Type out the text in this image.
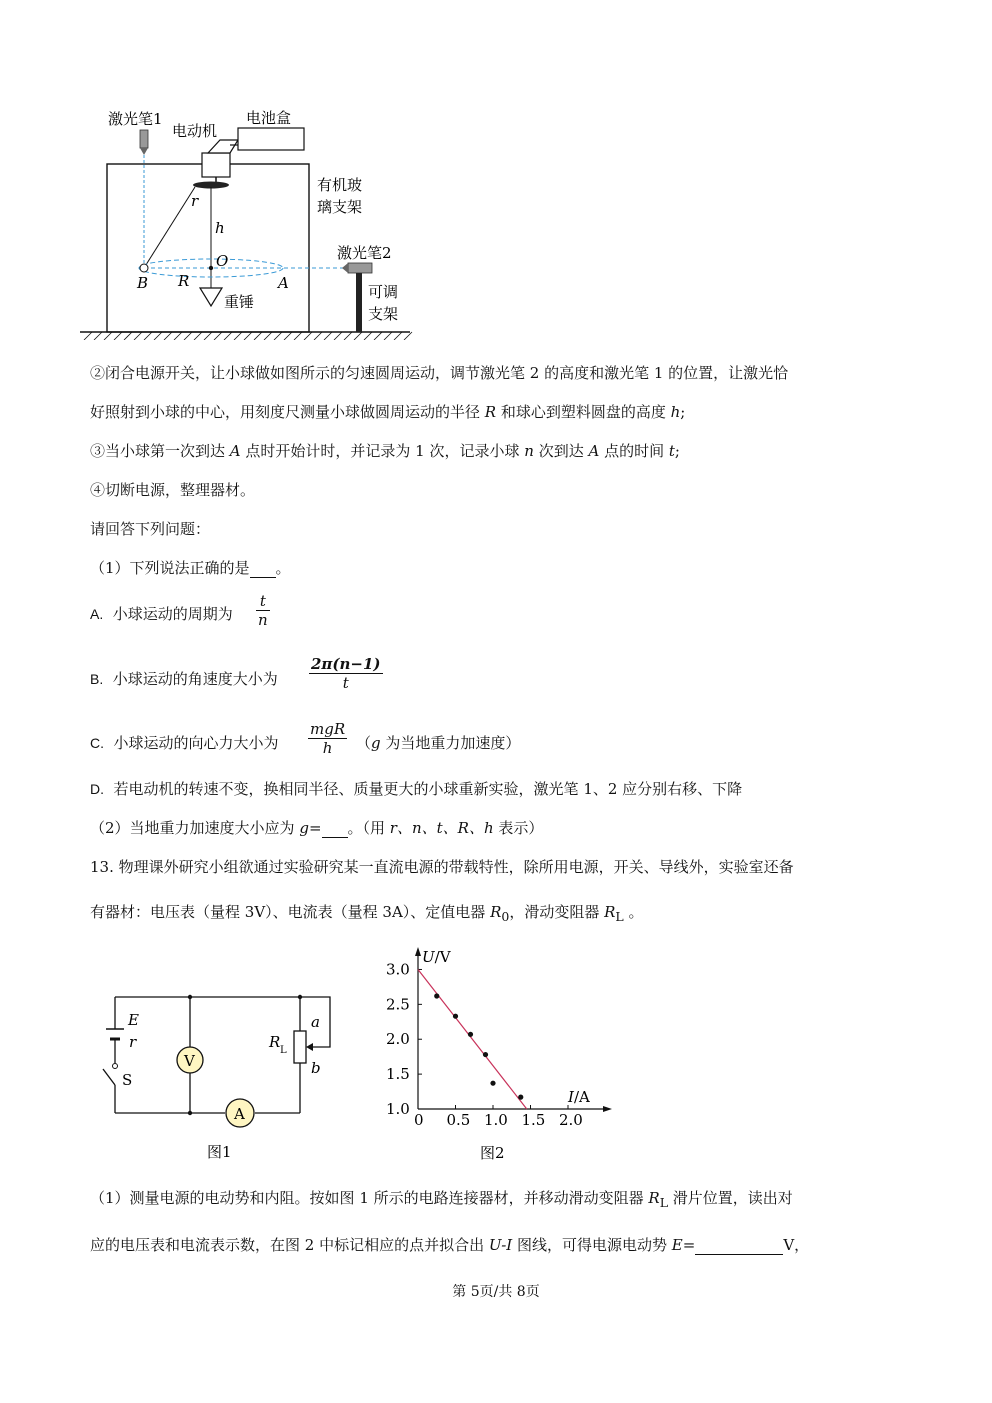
激光笔1
电动机
电池盒
有机玻
璃支架
r
h
O
B R	A
重锤
激光笔2
可调
支架
②闭合电源开关，让小球做如图所示的匀速圆周运动，调节激光笔 2 的高度和激光笔 1 的位置，让激光恰
好照射到小球的中心，用刻度尺测量小球做圆周运动的半径 R 和球心到塑料圆盘的高度 h;
③当小球第一次到达 A 点时开始计时，并记录为 1 次，记录小球 n 次到达 A 点的时间 t;
④切断电源，整理器材。
请回答下列问题：
（1）下列说法正确的是 。
A. 小球运动的周期为 $\frac{t}{n}$
B. 小球运动的角速度大小为 $\frac{2\pi(n-1)}{t}$
C. 小球运动的向心力大小为
mgR
h	（g 为当地重力加速度）
D. 若电动机的转速不变，换相同半径、质量更大的小球重新实验，激光笔 1、2 应分别右移、下降
（2）当地重力加速度大小应为 g= 。（用 r、n、t、R、h 表示）
13. 物理课外研究小组欲通过实验研究某一直流电源的带载特性，除所用电源，开关、导线外，实验室还备
有器材：电压表（量程 3V）、电流表（量程 3A）、定值电器 $R_0$，滑动变阻器 $R_L$ 。
V
A
E
r
S
R L
a
b
图1
0 0.5 1.0 1.5 2.0
1.0
1.5
2.0
2.5
3.0
U/V
I/A
图2
（1）测量电源的电动势和内阻。按如图 1 所示的电路连接器材，并移动滑动变阻器 $R_L$ 滑片位置，读出对
应的电压表和电流表示数，在图 2 中标记相应的点并拟合出 U-I 图线，可得电源电动势 E=	V，
第 5页/共 8页
